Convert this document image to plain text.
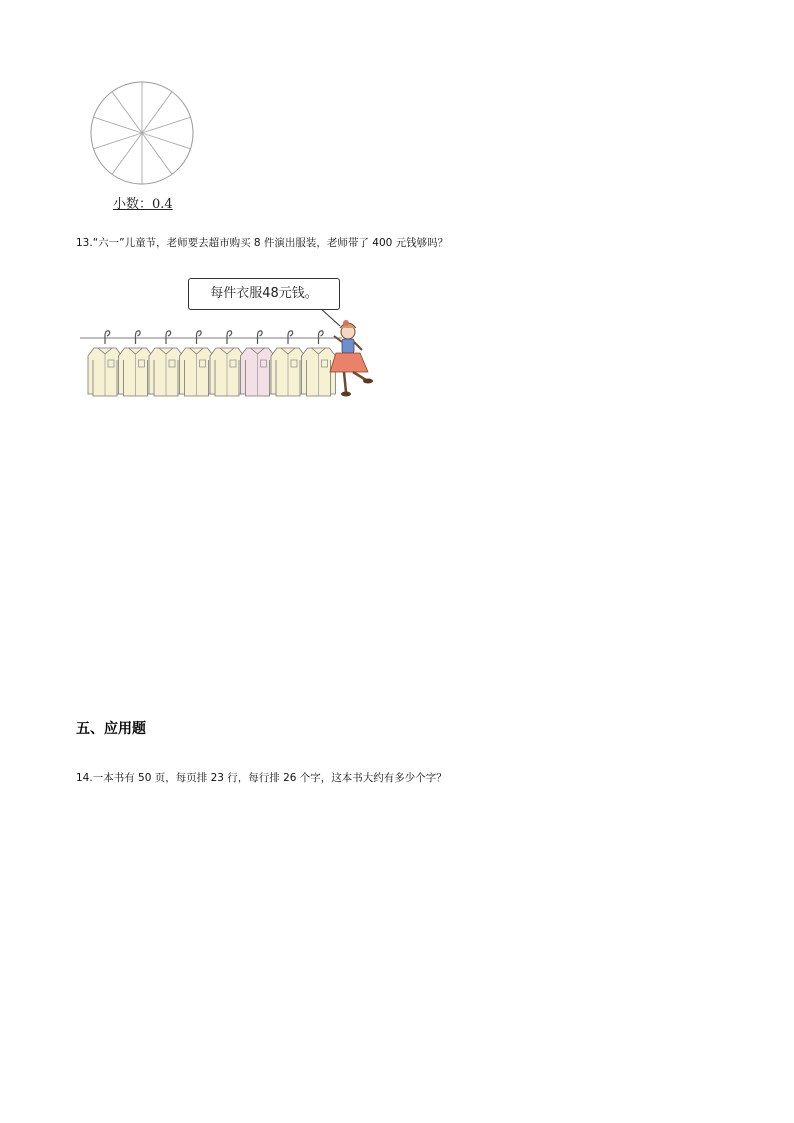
小数：0.4
13.“六一”儿童节，老师要去超市购买 8 件演出服装，老师带了 400 元钱够吗？
每件衣服48元钱。
五、应用题
14.一本书有 50 页，每页排 23 行，每行排 26 个字，这本书大约有多少个字？
